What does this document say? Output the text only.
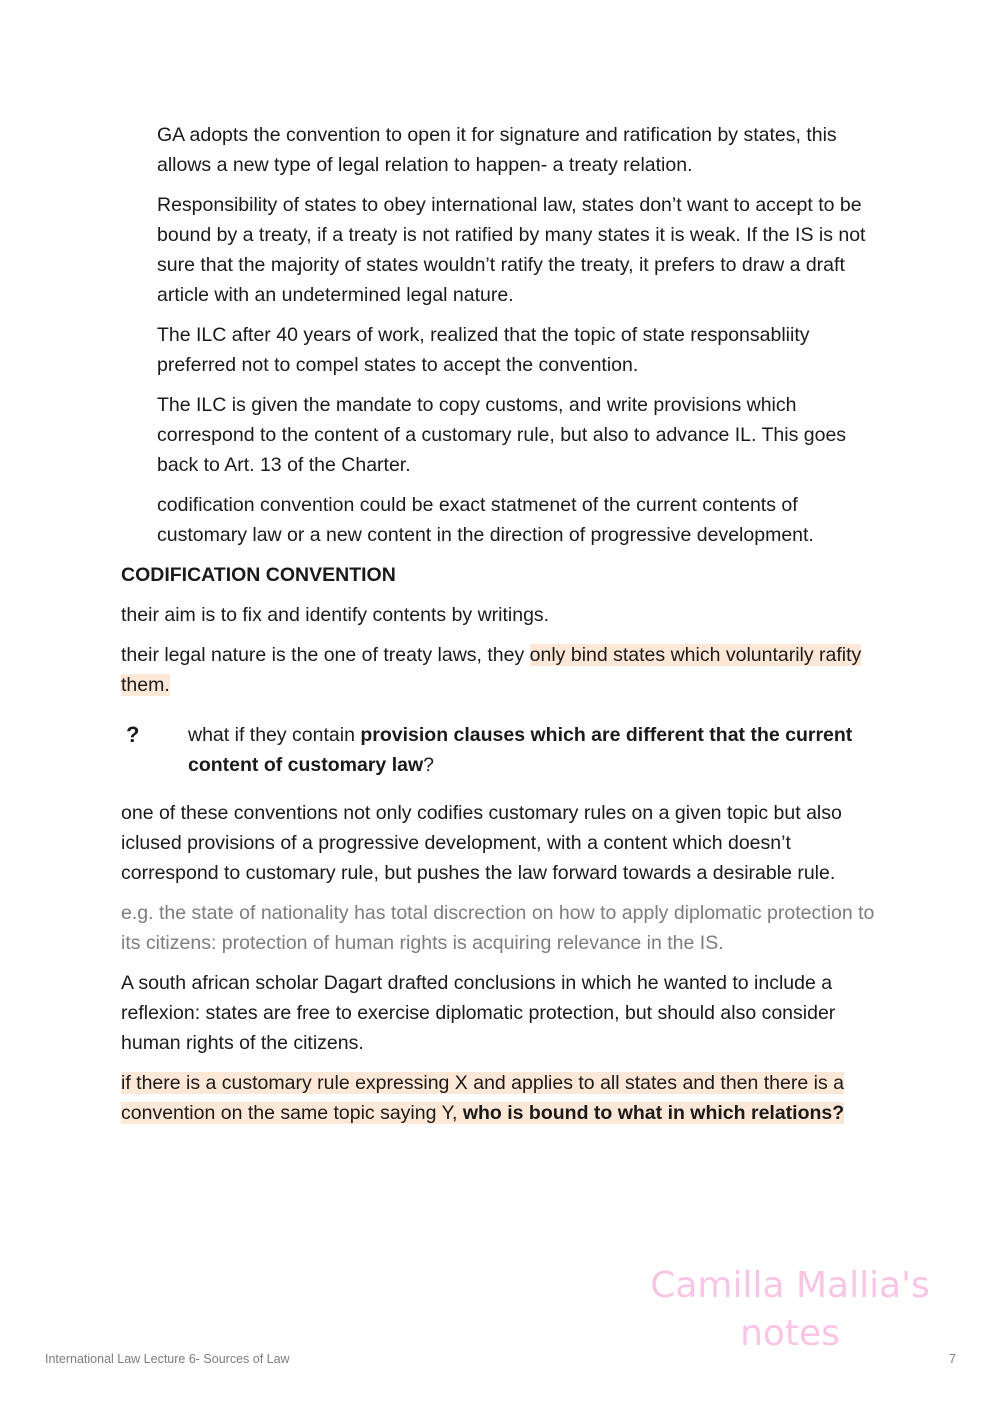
GA adopts the convention to open it for signature and ratification by states, this allows a new type of legal relation to happen- a treaty relation.

Responsibility of states to obey international law, states don’t want to accept to be bound by a treaty, if a treaty is not ratified by many states it is weak. If the IS is not sure that the majority of states wouldn’t ratify the treaty, it prefers to draw a draft article with an undetermined legal nature.

The ILC after 40 years of work, realized that the topic of state responsabliity preferred not to compel states to accept the convention.

The ILC is given the mandate to copy customs, and write provisions which correspond to the content of a customary rule, but also to advance IL. This goes back to Art. 13 of the Charter.

codification convention could be exact statmenet of the current contents of customary law or a new content in the direction of progressive development.

CODIFICATION CONVENTION

their aim is to fix and identify contents by writings.

their legal nature is the one of treaty laws, they only bind states which voluntarily rafity them.

?	what if they contain provision clauses which are different that the current content of customary law?

one of these conventions not only codifies customary rules on a given topic but also iclused provisions of a progressive development, with a content which doesn’t correspond to customary rule, but pushes the law forward towards a desirable rule.

e.g. the state of nationality has total discrection on how to apply diplomatic protection to its citizens: protection of human rights is acquiring relevance in the IS.

A south african scholar Dagart drafted conclusions in which he wanted to include a reflexion: states are free to exercise diplomatic protection, but should also consider human rights of the citizens.

if there is a customary rule expressing X and applies to all states and then there is a convention on the same topic saying Y, who is bound to what in which relations?

Camilla Mallia's
notes
International Law Lecture 6- Sources of Law	7
